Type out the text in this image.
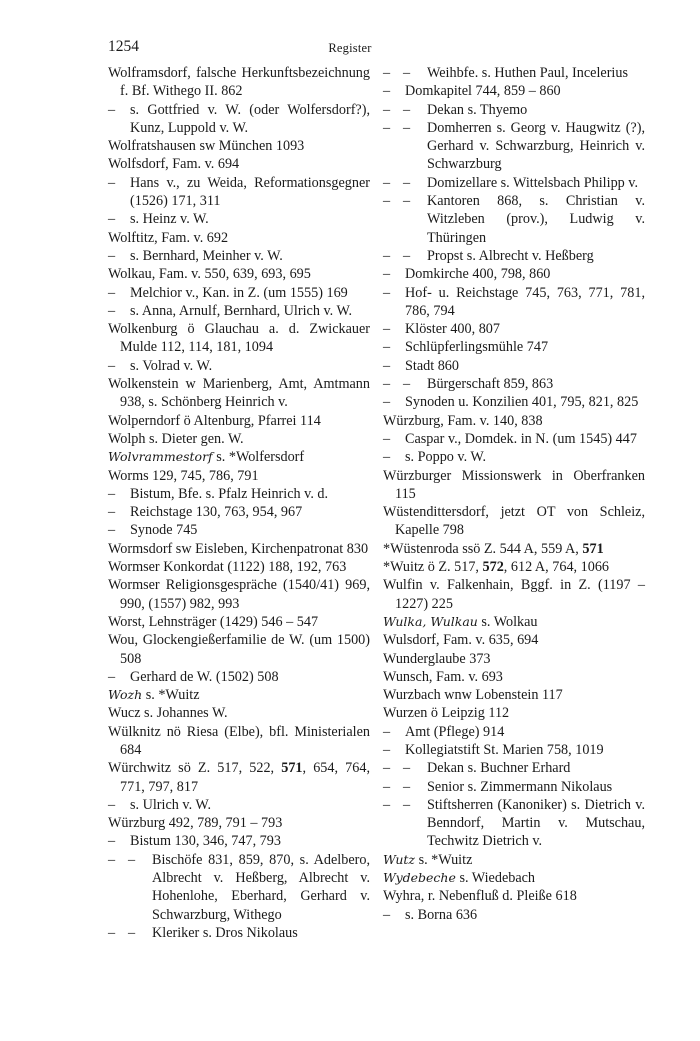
1254	Register
Wolframsdorf, falsche Herkunftsbezeichnung f. Bf. Withego II. 862
– s. Gottfried v. W. (oder Wolfersdorf?), Kunz, Luppold v. W.
Wolfratshausen sw München 1093
Wolfsdorf, Fam. v. 694
– Hans v., zu Weida, Reformationsgegner (1526) 171, 311
– s. Heinz v. W.
Wolftitz, Fam. v. 692
– s. Bernhard, Meinher v. W.
Wolkau, Fam. v. 550, 639, 693, 695
– Melchior v., Kan. in Z. (um 1555) 169
– s. Anna, Arnulf, Bernhard, Ulrich v. W.
Wolkenburg ö Glauchau a. d. Zwickauer Mulde 112, 114, 181, 1094
– s. Volrad v. W.
Wolkenstein w Marienberg, Amt, Amtmann 938, s. Schönberg Heinrich v.
Wolperndorf ö Altenburg, Pfarrei 114
Wolph s. Dieter gen. W.
Wolvrammestorf s. *Wolfersdorf
Worms 129, 745, 786, 791
– Bistum, Bfe. s. Pfalz Heinrich v. d.
– Reichstage 130, 763, 954, 967
– Synode 745
Wormsdorf sw Eisleben, Kirchenpatronat 830
Wormser Konkordat (1122) 188, 192, 763
Wormser Religionsgespräche (1540/41) 969, 990, (1557) 982, 993
Worst, Lehnsträger (1429) 546 – 547
Wou, Glockengießerfamilie de W. (um 1500) 508
– Gerhard de W. (1502) 508
Wozh s. *Wuitz
Wucz s. Johannes W.
Wülknitz nö Riesa (Elbe), bfl. Ministerialen 684
Würchwitz sö Z. 517, 522, 571, 654, 764, 771, 797, 817
– s. Ulrich v. W.
Würzburg 492, 789, 791 – 793
– Bistum 130, 346, 747, 793
– – Bischöfe 831, 859, 870, s. Adelbero, Albrecht v. Heßberg, Albrecht v. Hohenlohe, Eberhard, Gerhard v. Schwarzburg, Withego
– – Kleriker s. Dros Nikolaus
– – Weihbfe. s. Huthen Paul, Incelerius
– Domkapitel 744, 859 – 860
– – Dekan s. Thyemo
– – Domherren s. Georg v. Haugwitz (?), Gerhard v. Schwarzburg, Heinrich v. Schwarzburg
– – Domizellare s. Wittelsbach Philipp v.
– – Kantoren 868, s. Christian v. Witzleben (prov.), Ludwig v. Thüringen
– – Propst s. Albrecht v. Heßberg
– Domkirche 400, 798, 860
– Hof- u. Reichstage 745, 763, 771, 781, 786, 794
– Klöster 400, 807
– Schlüpferlingsmühle 747
– Stadt 860
– – Bürgerschaft 859, 863
– Synoden u. Konzilien 401, 795, 821, 825
Würzburg, Fam. v. 140, 838
– Caspar v., Domdek. in N. (um 1545) 447
– s. Poppo v. W.
Würzburger Missionswerk in Oberfranken 115
Wüstendittersdorf, jetzt OT von Schleiz, Kapelle 798
*Wüstenroda ssö Z. 544 A, 559 A, 571
*Wuitz ö Z. 517, 572, 612 A, 764, 1066
Wulfin v. Falkenhain, Bggf. in Z. (1197 – 1227) 225
Wulka, Wulkau s. Wolkau
Wulsdorf, Fam. v. 635, 694
Wunderglaube 373
Wunsch, Fam. v. 693
Wurzbach wnw Lobenstein 117
Wurzen ö Leipzig 112
– Amt (Pflege) 914
– Kollegiatstift St. Marien 758, 1019
– – Dekan s. Buchner Erhard
– – Senior s. Zimmermann Nikolaus
– – Stiftsherren (Kanoniker) s. Dietrich v. Benndorf, Martin v. Mutschau, Techwitz Dietrich v.
Wutz s. *Wuitz
Wydebeche s. Wiedebach
Wyhra, r. Nebenfluß d. Pleiße 618
– s. Borna 636
